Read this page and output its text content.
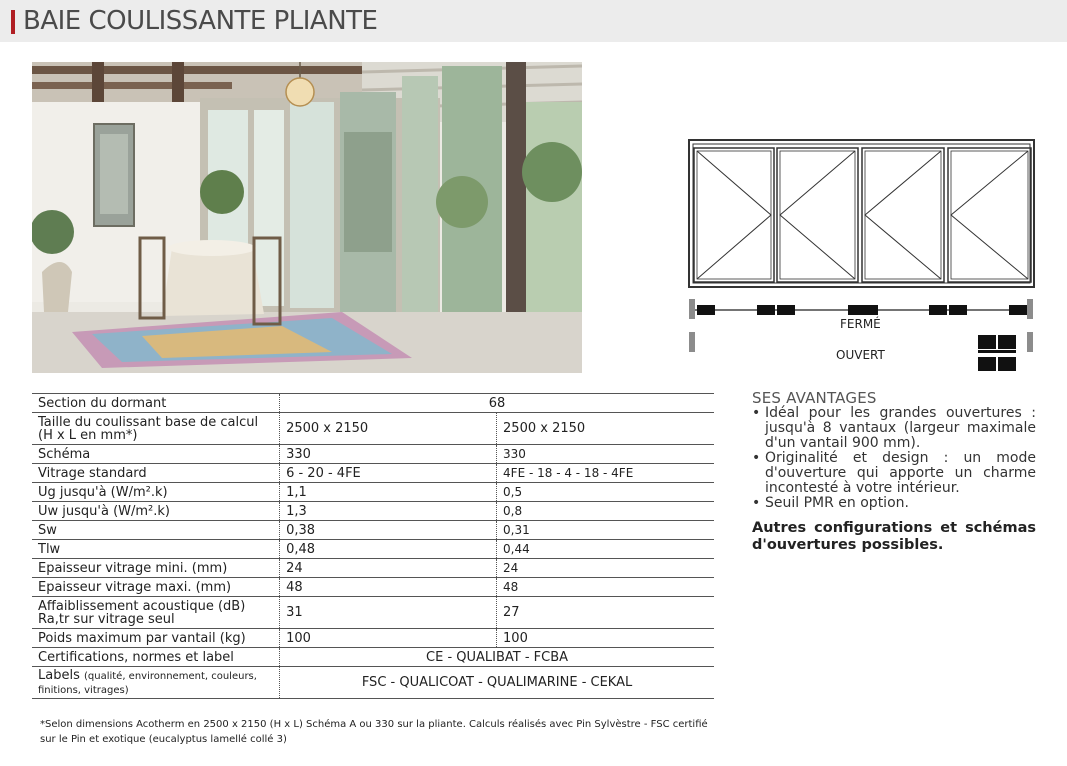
BAIE COULISSANTE PLIANTE
FERMÉ
OUVERT
Section du dormant	68	
Taille du coulissant base de calcul (H x L en mm*)	2500 x 2150	2500 x 2150
Schéma	330	330
Vitrage standard	6 - 20 - 4FE	4FE - 18 - 4 - 18 - 4FE
Ug jusqu'à (W/m².k)	1,1	0,5
Uw jusqu'à (W/m².k)	1,3	0,8
Sw	0,38	0,31
Tlw	0,48	0,44
Epaisseur vitrage mini. (mm)	24	24
Epaisseur vitrage maxi. (mm)	48	48
Affaiblissement acoustique (dB) Ra,tr sur vitrage seul	31	27
Poids maximum par vantail (kg)	100	100
Certifications, normes et label	CE - QUALIBAT - FCBA	
Labels (qualité, environnement, couleurs, finitions, vitrages)	FSC - QUALICOAT - QUALIMARINE - CEKAL	
*Selon dimensions Acotherm en 2500 x 2150 (H x L) Schéma A ou 330 sur la pliante. Calculs réalisés avec Pin Sylvèstre - FSC certifié sur le Pin et exotique (eucalyptus lamellé collé 3)
SES AVANTAGES
• Idéal pour les grandes ouvertures : jusqu'à 8 vantaux (largeur maximale d'un vantail 900 mm).
• Originalité et design : un mode d'ouverture qui apporte un charme incontesté à votre intérieur.
• Seuil PMR en option.
Autres configurations et schémas d'ouvertures possibles.
